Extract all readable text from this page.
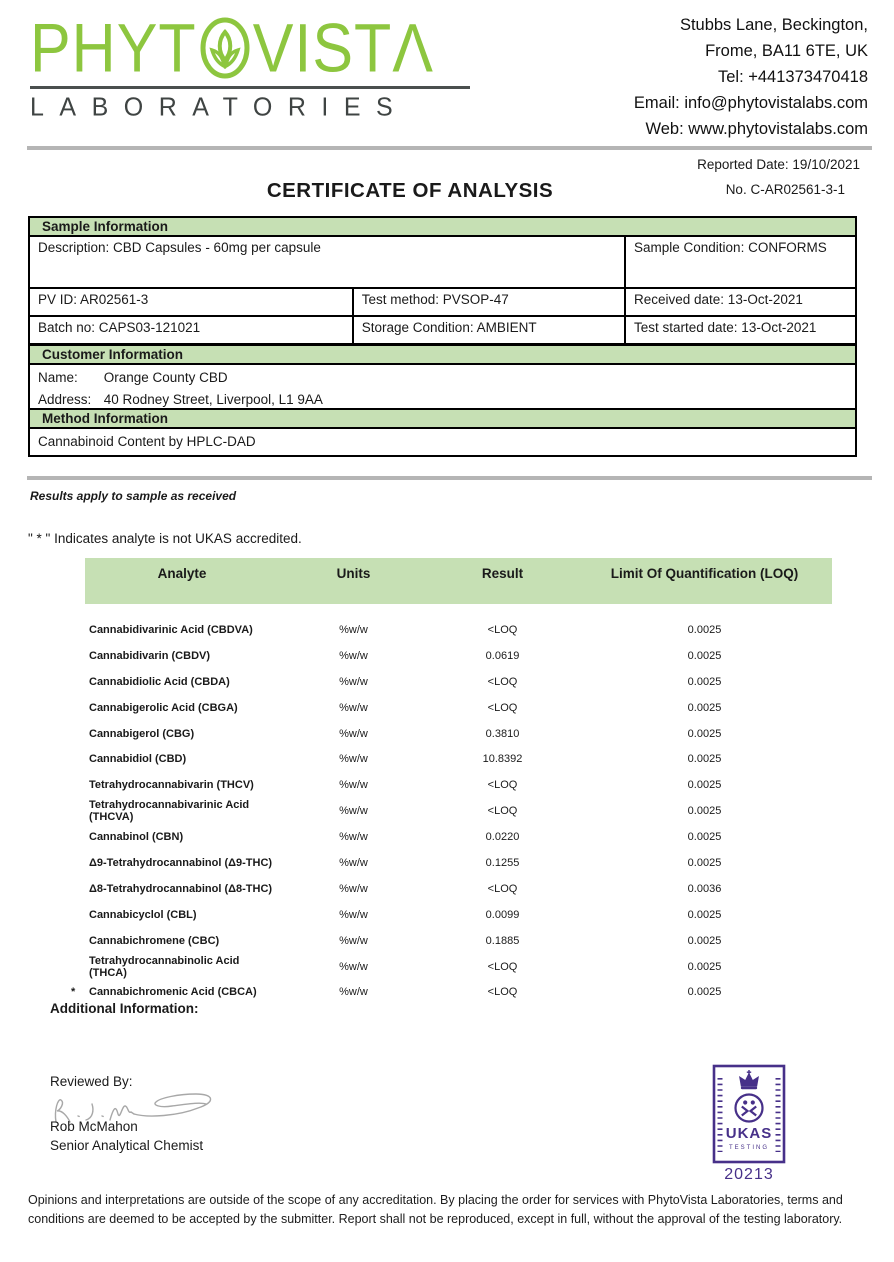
PHYT VISTΛ
LABORATORIES
Stubbs Lane, Beckington,
Frome, BA11 6TE, UK
Tel: +441373470418
Email: info@phytovistalabs.com
Web: www.phytovistalabs.com
Reported Date: 19/10/2021
No. C-AR02561-3-1
CERTIFICATE OF ANALYSIS
Sample Information
Description: CBD Capsules - 60mg per capsule	Sample Condition: CONFORMS
PV ID: AR02561-3	Test method: PVSOP-47	Received date: 13-Oct-2021
Batch no: CAPS03-121021	Storage Condition: AMBIENT	Test started date: 13-Oct-2021
Customer Information
Name: Orange County CBD
Address: 40 Rodney Street, Liverpool, L1 9AA
Method Information
Cannabinoid Content by HPLC-DAD
Results apply to sample as received
" * " Indicates analyte is not UKAS accredited.
Analyte	Units	Result	Limit Of Quantification (LOQ)
Cannabidivarinic Acid (CBDVA)	%w/w	<LOQ	0.0025
Cannabidivarin (CBDV)	%w/w	0.0619	0.0025
Cannabidiolic Acid (CBDA)	%w/w	<LOQ	0.0025
Cannabigerolic Acid (CBGA)	%w/w	<LOQ	0.0025
Cannabigerol (CBG)	%w/w	0.3810	0.0025
Cannabidiol (CBD)	%w/w	10.8392	0.0025
Tetrahydrocannabivarin (THCV)	%w/w	<LOQ	0.0025
Tetrahydrocannabivarinic Acid (THCVA)	%w/w	<LOQ	0.0025
Cannabinol (CBN)	%w/w	0.0220	0.0025
Δ9-Tetrahydrocannabinol (Δ9-THC)	%w/w	0.1255	0.0025
Δ8-Tetrahydrocannabinol (Δ8-THC)	%w/w	<LOQ	0.0036
Cannabicyclol (CBL)	%w/w	0.0099	0.0025
Cannabichromene (CBC)	%w/w	0.1885	0.0025
Tetrahydrocannabinolic Acid (THCA)	%w/w	<LOQ	0.0025
*	Cannabichromenic Acid (CBCA)	%w/w	<LOQ	0.0025
Additional Information:
Reviewed By:
Rob McMahon
Senior Analytical Chemist
UKAS
TESTING
20213
Opinions and interpretations are outside of the scope of any accreditation. By placing the order for services with PhytoVista Laboratories, terms and conditions are deemed to be accepted by the submitter. Report shall not be reproduced, except in full, without the approval of the testing laboratory.
